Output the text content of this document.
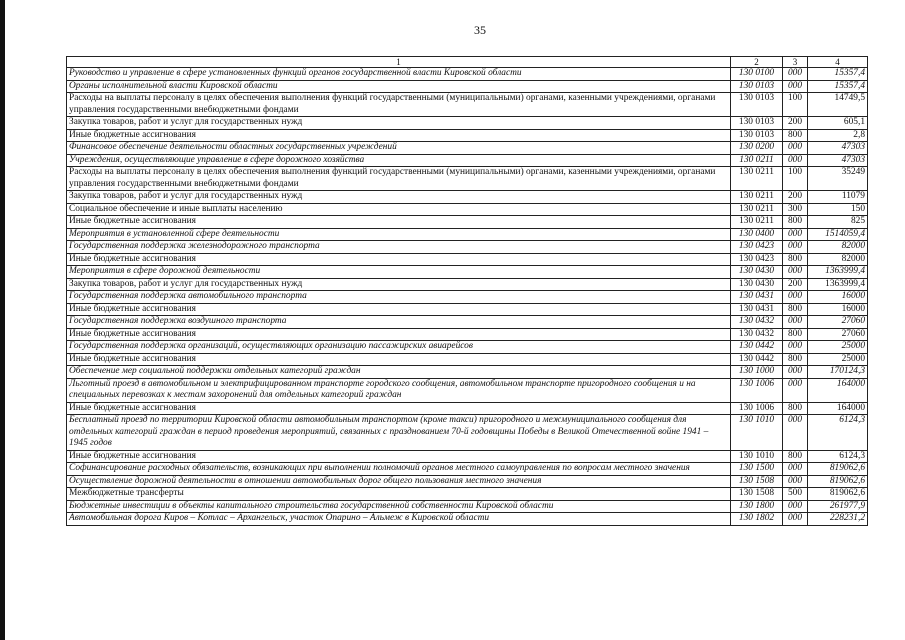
35
1	2	3	4
Руководство и управление в сфере установленных функций органов государственной власти Кировской области	130 0100	000	15357,4
Органы исполнительной власти Кировской области	130 0103	000	15357,4
Расходы на выплаты персоналу в целях обеспечения выполнения функций государственными (муниципальными) органами, казенными учреждениями, органами управления государственными внебюджетными фондами	130 0103	100	14749,5
Закупка товаров, работ и услуг для государственных нужд	130 0103	200	605,1
Иные бюджетные ассигнования	130 0103	800	2,8
Финансовое обеспечение деятельности областных государственных учреждений	130 0200	000	47303
Учреждения, осуществляющие управление в сфере дорожного хозяйства	130 0211	000	47303
Расходы на выплаты персоналу в целях обеспечения выполнения функций государственными (муниципальными) органами, казенными учреждениями, органами управления государственными внебюджетными фондами	130 0211	100	35249
Закупка товаров, работ и услуг для государственных нужд	130 0211	200	11079
Социальное обеспечение и иные выплаты населению	130 0211	300	150
Иные бюджетные ассигнования	130 0211	800	825
Мероприятия в установленной сфере деятельности	130 0400	000	1514059,4
Государственная поддержка железнодорожного транспорта	130 0423	000	82000
Иные бюджетные ассигнования	130 0423	800	82000
Мероприятия в сфере дорожной деятельности	130 0430	000	1363999,4
Закупка товаров, работ и услуг для государственных нужд	130 0430	200	1363999,4
Государственная поддержка автомобильного транспорта	130 0431	000	16000
Иные бюджетные ассигнования	130 0431	800	16000
Государственная поддержка воздушного транспорта	130 0432	000	27060
Иные бюджетные ассигнования	130 0432	800	27060
Государственная поддержка организаций, осуществляющих организацию пассажирских авиарейсов	130 0442	000	25000
Иные бюджетные ассигнования	130 0442	800	25000
Обеспечение мер социальной поддержки отдельных категорий граждан	130 1000	000	170124,3
Льготный проезд в автомобильном и электрифицированном транспорте городского сообщения, автомобильном транспорте пригородного сообщения и на специальных перевозках к местам захоронений для отдельных категорий граждан	130 1006	000	164000
Иные бюджетные ассигнования	130 1006	800	164000
Бесплатный проезд по территории Кировской области автомобильным транспортом (кроме такси) пригородного и межмуниципального сообщения для отдельных категорий граждан в период проведения мероприятий, связанных с празднованием 70-й годовщины Победы в Великой Отечественной войне 1941 – 1945 годов	130 1010	000	6124,3
Иные бюджетные ассигнования	130 1010	800	6124,3
Софинансирование расходных обязательств, возникающих при выполнении полномочий органов местного самоуправления по вопросам местного значения	130 1500	000	819062,6
Осуществление дорожной деятельности в отношении автомобильных дорог общего пользования местного значения	130 1508	000	819062,6
Межбюджетные трансферты	130 1508	500	819062,6
Бюджетные инвестиции в объекты капитального строительства государственной собственности Кировской области	130 1800	000	261977,9
Автомобильная дорога Киров – Котлас – Архангельск, участок Опарино – Альмеж в Кировской области	130 1802	000	228231,2
